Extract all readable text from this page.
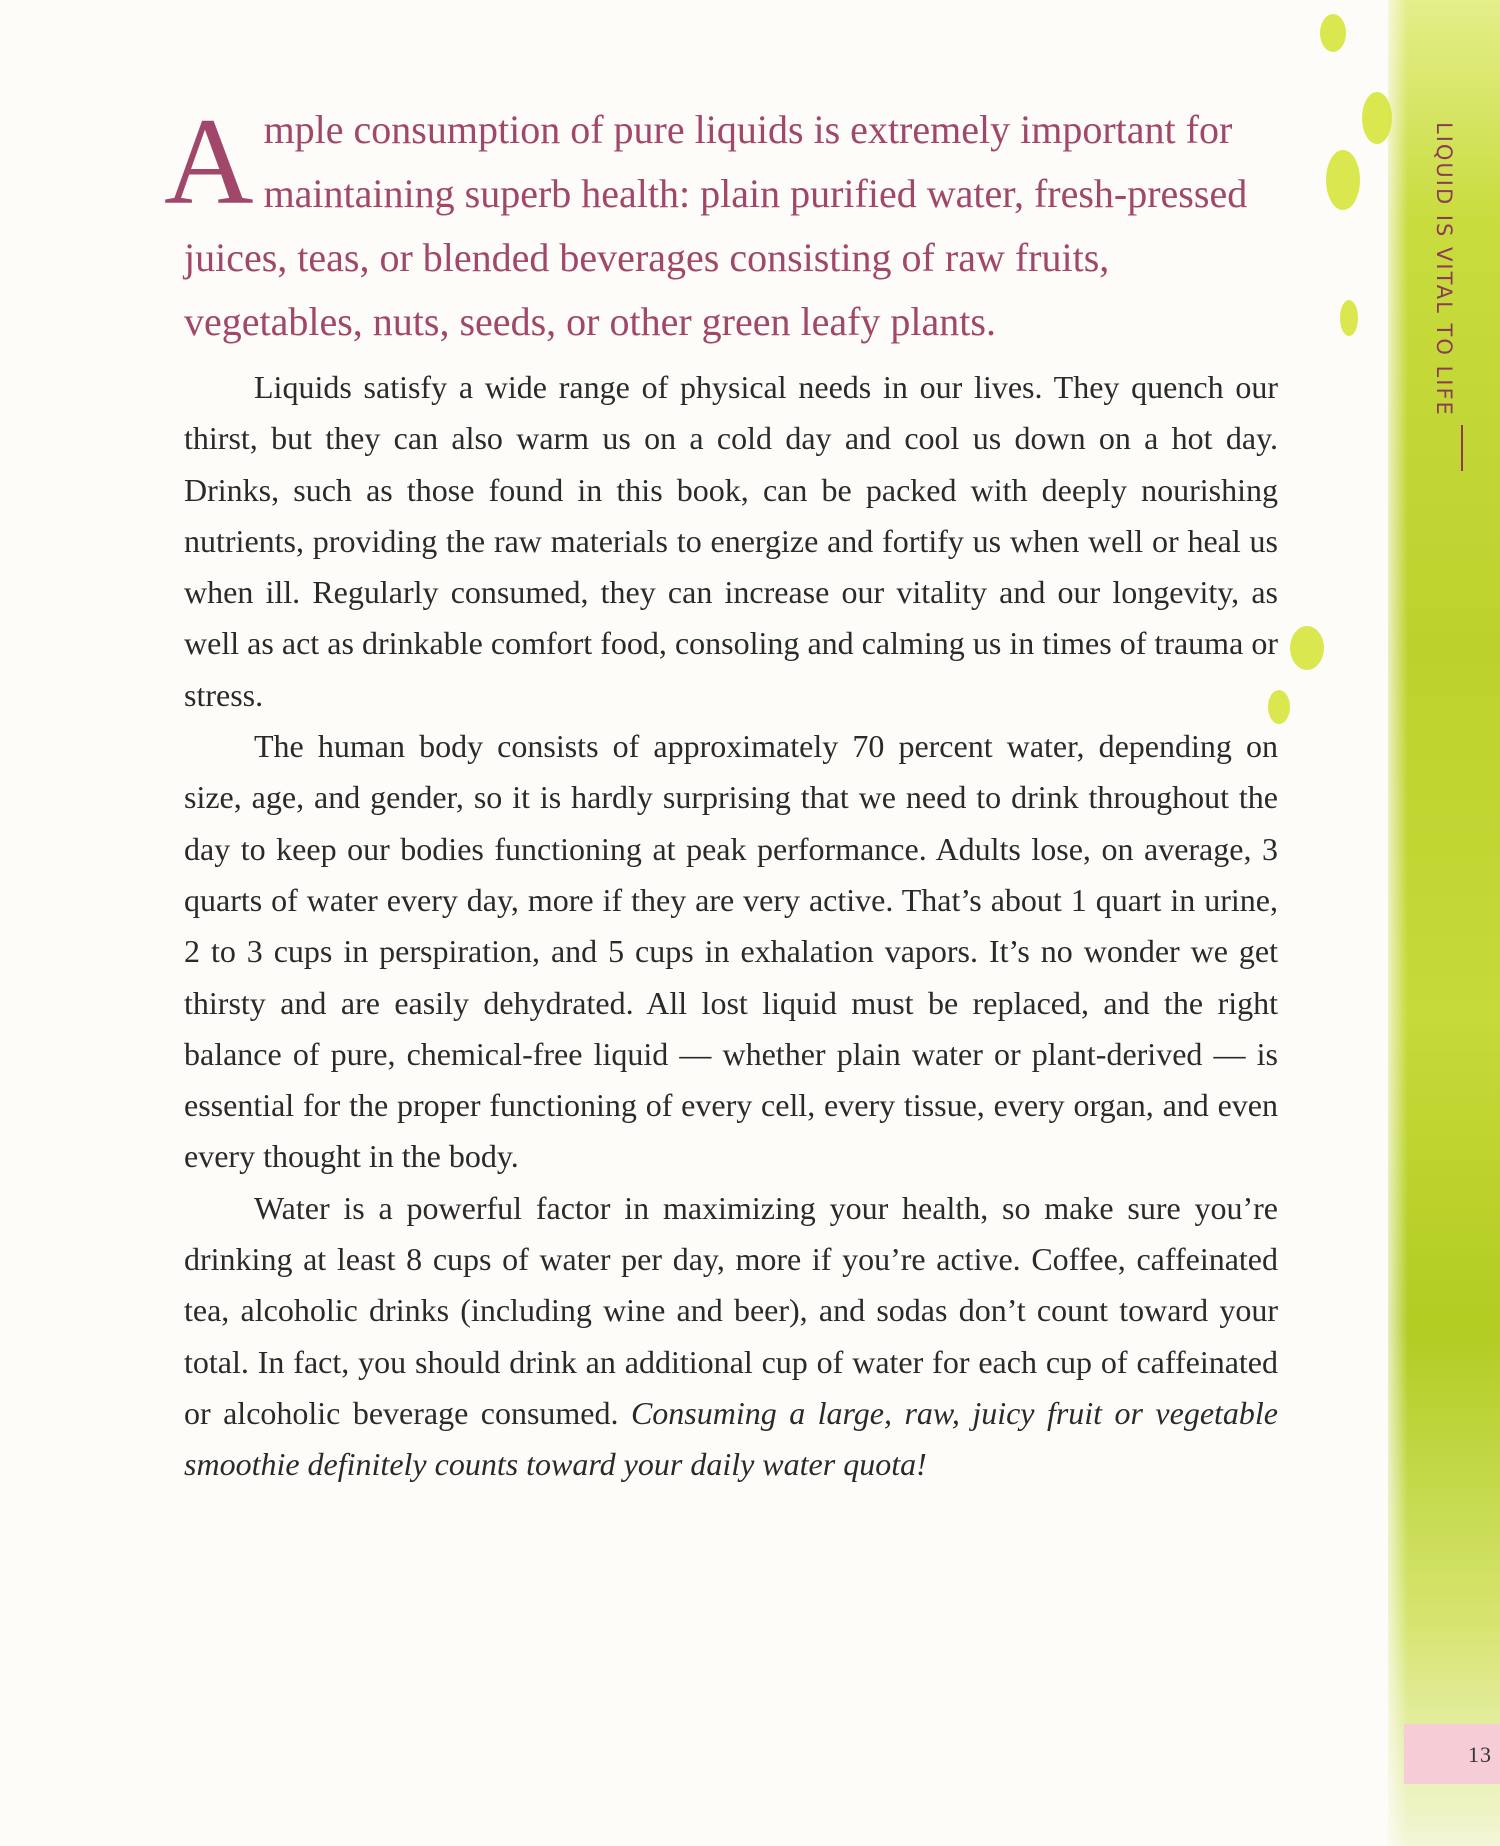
LIQUID IS VITAL TO LIFE

Ample consumption of pure liquids is extremely important for maintaining superb health: plain purified water, fresh-pressed juices, teas, or blended beverages consisting of raw fruits, vegetables, nuts, seeds, or other green leafy plants.

Liquids satisfy a wide range of physical needs in our lives. They quench our thirst, but they can also warm us on a cold day and cool us down on a hot day. Drinks, such as those found in this book, can be packed with deeply nourishing nutrients, providing the raw materials to energize and fortify us when well or heal us when ill. Regularly consumed, they can increase our vitality and our longevity, as well as act as drinkable comfort food, consoling and calming us in times of trauma or stress.

The human body consists of approximately 70 percent water, depending on size, age, and gender, so it is hardly surprising that we need to drink throughout the day to keep our bodies functioning at peak performance. Adults lose, on average, 3 quarts of water every day, more if they are very active. That’s about 1 quart in urine, 2 to 3 cups in perspiration, and 5 cups in exhalation vapors. It’s no wonder we get thirsty and are easily dehydrated. All lost liquid must be replaced, and the right balance of pure, chemical-free liquid — whether plain water or plant-derived — is essential for the proper functioning of every cell, every tissue, every organ, and even every thought in the body.

Water is a powerful factor in maximizing your health, so make sure you’re drinking at least 8 cups of water per day, more if you’re active. Coffee, caffeinated tea, alcoholic drinks (including wine and beer), and sodas don’t count toward your total. In fact, you should drink an additional cup of water for each cup of caffeinated or alcoholic beverage consumed. Consuming a large, raw, juicy fruit or vegetable smoothie definitely counts toward your daily water quota!

13
